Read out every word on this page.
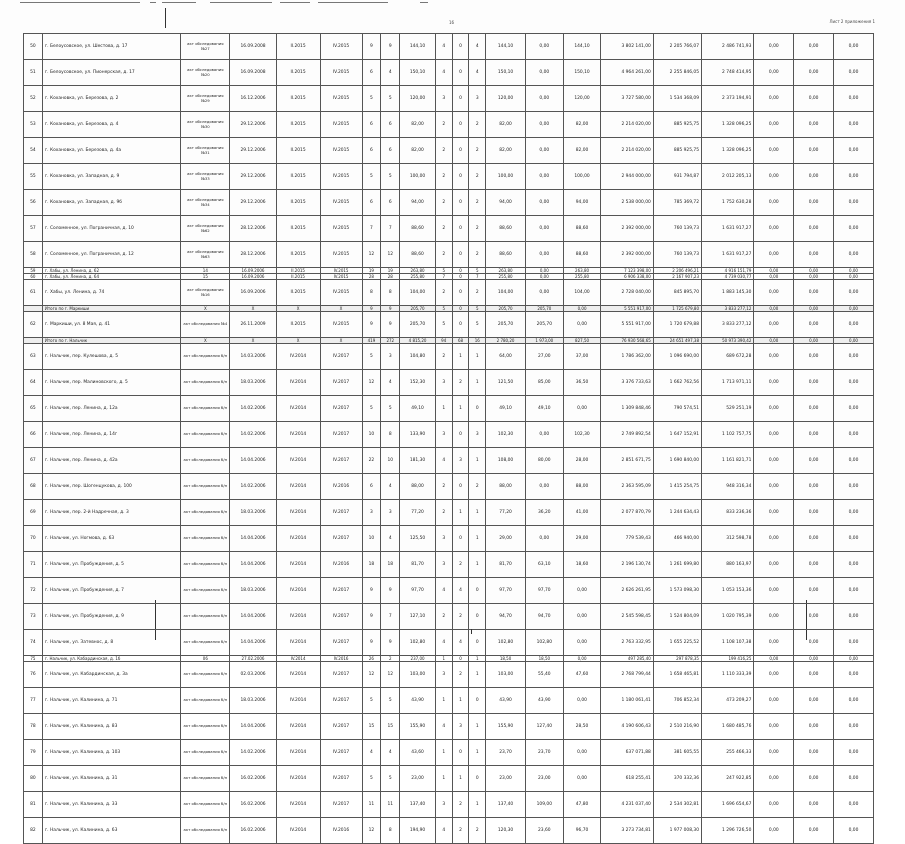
16	Лист 2 приложения 1
50	г. Белоусовское, ул. Шестова, д. 17	акт обследования №27	16.09.2008	II.2015	IV.2015	9	9	144,10	4	0	4	144,10	0,00	144,10	3 802 141,00	2 205 766,07	2 486 741,93	0,00	0,00	0,00
51	г. Белоусовское, ул. Пионерская, д. 17	акт обследования №20	16.09.2008	II.2015	IV.2015	6	4	150,10	4	0	4	150,10	0,00	150,10	4 964 261,00	2 255 846,05	2 748 414,95	0,00	0,00	0,00
52	г. Кохановка, ул. Березова, д. 2	акт обследования №29	16.12.2006	II.2015	IV.2015	5	5	120,00	3	0	3	120,00	0,00	120,00	3 727 580,00	1 534 368,09	2 373 194,91	0,00	0,00	0,00
53	г. Кохановка, ул. Березова, д. 4	акт обследования №30	29.12.2006	II.2015	IV.2015	6	6	82,00	2	0	2	82,00	0,00	82,00	2 214 020,00	885 925,75	1 328 096,25	0,00	0,00	0,00
54	г. Кохановка, ул. Березова, д. 4а	акт обследования №31	29.12.2006	II.2015	IV.2015	6	6	82,00	2	0	2	82,00	0,00	82,00	2 214 020,00	885 925,75	1 328 096,25	0,00	0,00	0,00
55	г. Кохановка, ул. Западная, д. 9	акт обследования №33	29.12.2006	II.2015	IV.2015	5	5	100,00	2	0	2	100,00	0,00	100,00	2 944 000,00	931 794,87	2 012 205,13	0,00	0,00	0,00
56	г. Кохановка, ул. Западная, д. 9б	акт обследования №34	29.12.2006	II.2015	IV.2015	6	6	94,00	2	0	2	94,00	0,00	94,00	2 538 000,00	785 369,72	1 752 630,28	0,00	0,00	0,00
57	г. Соломенное, ул. Пограничная, д. 10	акт обследования №62	28.12.2006	II.2015	IV.2015	7	7	88,60	2	0	2	88,60	0,00	88,60	2 392 000,00	760 139,73	1 631 917,27	0,00	0,00	0,00
58	г. Соломенное, ул. Пограничная, д. 12	акт обследования №63	28.12.2006	II.2015	IV.2015	12	12	88,60	2	0	2	88,60	0,00	88,60	2 392 000,00	760 139,73	1 631 917,27	0,00	0,00	0,00
59	г. Хабы, ул. Ленина, д. 62	14	16.09.2006	II.2015	IV.2015	19	19	263,80	5	0	5	263,80	0,00	263,80	7 123 398,00	2 206 496,21	4 916 151,79	0,00	0,00	0,00
60	г. Хабы, ул. Ленина, д. 64	15	16.09.2006	II.2015	IV.2015	28	28	255,80	7	0	7	255,80	0,00	255,80	6 906 338,00	2 167 907,23	4 739 030,77	0,00	0,00	0,00
61	г. Хабы, ул. Ленина, д. 74	акт обследования №16	16.09.2006	II.2015	IV.2015	8	8	104,00	2	0	2	104,00	0,00	104,00	2 728 040,00	845 895,70	1 883 145,30	0,00	0,00	0,00
	Итого по г. Маркиши	X	X	X	X	9	9	205,70	5	0	5	205,70	205,70	0,00	5 551 917,00	1 725 679,80	3 833 277,12	0,00	0,00	0,00
62	г. Маркиши, ул. 8 Мая, д. 41	акт обследования №4	26.11.2009	II.2015	IV.2015	9	9	205,70	5	0	5	205,70	205,70	0,00	5 551 917,00	1 720 679,88	3 833 277,12	0,00	0,00	0,00
	Итого по г. Нальчик	X	X	X	X	419	272	4 815,20	94	68	16	2 780,20	1 973,00	827,50	76 930 568,65	24 651 497,38	50 973 390,42	0,00	0,00	0,00
63	г. Нальчик, пер. Кулешова, д. 5	акт обследования б/н	14.03.2006	IV.2014	IV.2017	5	3	104,80	2	1	1	64,00	27,00	37,00	1 786 362,00	1 096 690,00	689 672,28	0,00	0,00	0,00
64	г. Нальчик, пер. Малиновского, д. 5	акт обследования б/н	18.03.2006	IV.2014	IV.2017	12	4	152,30	3	2	1	121,50	85,00	36,50	3 376 733,63	1 662 762,56	1 713 971,11	0,00	0,00	0,00
65	г. Нальчик, пер. Ленина, д. 12а	акт обследования б/н	14.02.2006	IV.2014	IV.2017	5	5	49,10	1	1	0	49,10	49,10	0,00	1 309 848,46	790 574,51	529 251,19	0,00	0,00	0,00
66	г. Нальчик, пер. Ленина, д. 14г	акт обследования б/н	14.02.2006	IV.2014	IV.2017	10	8	133,90	3	0	3	102,30	0,00	102,30	2 749 892,54	1 647 152,91	1 102 757,75	0,00	0,00	0,00
67	г. Нальчик, пер. Ленина, д. 42а	акт обследования б/н	14.04.2006	IV.2014	IV.2017	22	10	181,30	4	3	1	108,00	80,00	28,00	2 851 671,75	1 690 840,00	1 161 821,71	0,00	0,00	0,00
68	г. Нальчик, пер. Шогенцукова, д. 100	акт обследования б/н	14.02.2006	IV.2014	IV.2016	6	4	88,00	2	0	2	88,00	0,00	88,00	2 363 595,09	1 415 254,75	948 316,34	0,00	0,00	0,00
69	г. Нальчик, пер. 2-й Надречная, д. 3	акт обследования б/н	18.03.2006	IV.2014	IV.2017	3	3	77,20	2	1	1	77,20	36,20	41,00	2 077 870,79	1 244 634,43	833 236,36	0,00	0,00	0,00
70	г. Нальчик, ул. Ногмова, д. 63	акт обследования б/н	14.04.2006	IV.2014	IV.2017	10	4	125,50	3	0	1	29,00	0,00	29,00	779 539,43	466 940,00	312 598,78	0,00	0,00	0,00
71	г. Нальчик, ул. Пробуждения, д. 5	акт обследования б/н	14.04.2006	IV.2014	IV.2016	18	18	81,70	3	2	1	81,70	63,10	18,60	2 196 130,74	1 261 699,80	880 163,97	0,00	0,00	0,00
72	г. Нальчик, ул. Пробуждения, д. 7	акт обследования б/н	18.03.2006	IV.2014	IV.2017	9	9	97,70	4	4	0	97,70	97,70	0,00	2 626 261,95	1 573 098,30	1 053 153,36	0,00	0,00	0,00
73	г. Нальчик, ул. Пробуждения, д. 9	акт обследования б/н	14.04.2006	IV.2014	IV.2017	9	7	127,10	2	2	0	94,70	94,70	0,00	2 545 598,45	1 524 804,09	1 020 795,39	0,00	0,00	0,00
74	г. Нальчик, ул. Затевнос, д. 8	акт обследования б/н	14.04.2006	IV.2014	IV.2017	9	9	102,80	4	4	0	102,80	102,80	0,00	2 763 332,95	1 655 225,52	1 108 107,38	0,00	0,00	0,00
75	г. Нальчик, ул. Кабардинская, д. 1б	06	27.02.2006	IV.2014	IV.2016	26	2	237,00	1	0	1	18,50	18,50	0,00	497 285,40	297 878,35	199 416,25	0,00	0,00	0,00
76	г. Нальчик, ул. Кабардинская, д. 3а	акт обследования б/н	02.03.2006	IV.2014	IV.2017	12	12	103,00	3	2	1	103,00	55,40	47,60	2 768 799,44	1 658 465,81	1 110 333,39	0,00	0,00	0,00
77	г. Нальчик, ул. Калинина, д. 71	акт обследования б/н	18.03.2006	IV.2014	IV.2017	5	5	43,90	1	1	0	43,90	43,90	0,00	1 180 061,41	706 852,34	473 209,27	0,00	0,00	0,00
78	г. Нальчик, ул. Калинина, д. 83	акт обследования б/н	14.04.2006	IV.2014	IV.2017	15	15	155,90	4	3	1	155,90	127,40	28,50	4 190 606,43	2 510 216,90	1 680 485,76	0,00	0,00	0,00
79	г. Нальчик, ул. Калинина, д. 103	акт обследования б/н	14.02.2006	IV.2014	IV.2017	4	4	43,60	1	0	1	23,70	23,70	0,00	637 071,88	381 605,55	255 466,33	0,00	0,00	0,00
80	г. Нальчик, ул. Калинина, д. 31	акт обследования б/н	16.02.2006	IV.2014	IV.2017	5	5	23,00	1	1	0	23,00	23,00	0,00	618 255,41	370 332,36	247 922,85	0,00	0,00	0,00
81	г. Нальчик, ул. Калинина, д. 33	акт обследования б/н	16.02.2006	IV.2014	IV.2017	11	11	137,40	3	2	1	137,40	109,00	47,80	4 231 037,40	2 534 302,81	1 696 654,67	0,00	0,00	0,00
82	г. Нальчик, ул. Калинина, д. 63	акт обследования б/н	16.02.2006	IV.2014	IV.2016	12	8	194,90	4	2	2	120,30	23,60	96,70	3 273 734,81	1 977 008,30	1 296 726,50	0,00	0,00	0,00
